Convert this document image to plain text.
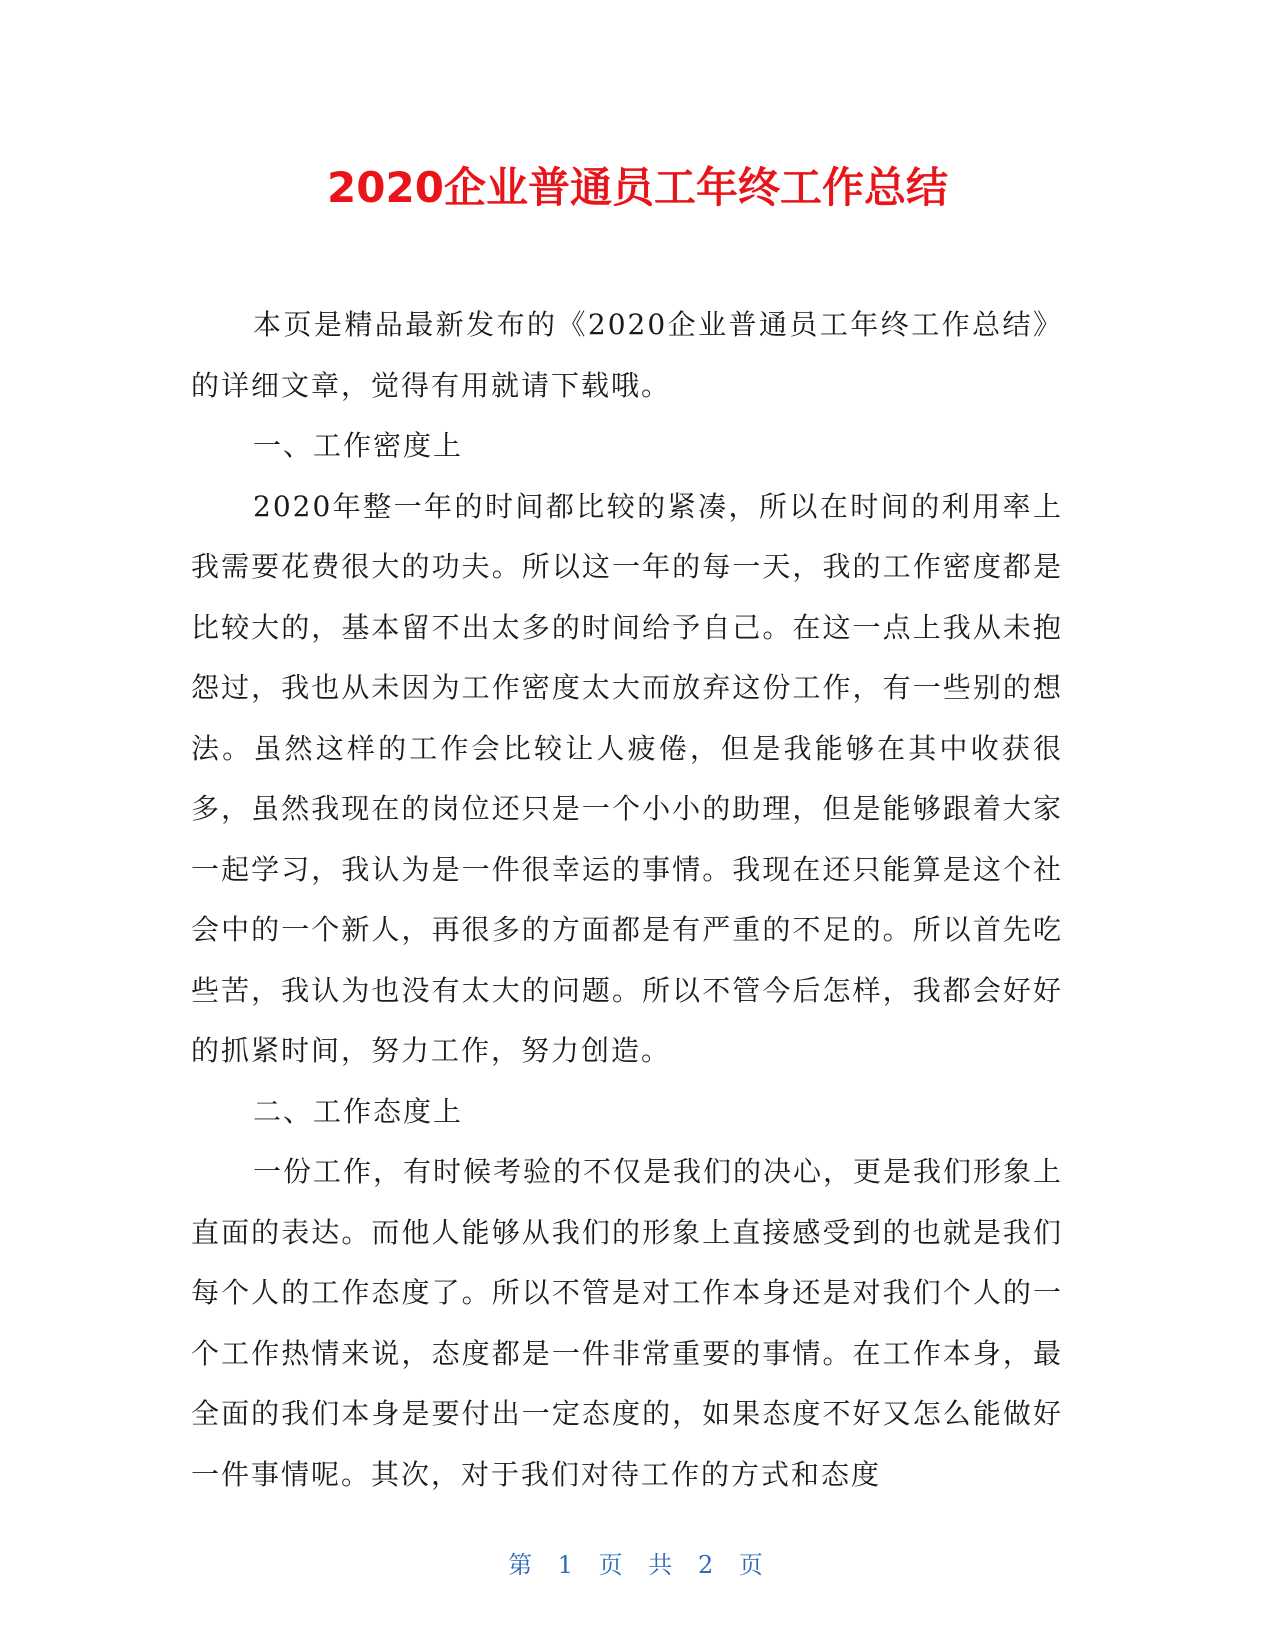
2020企业普通员工年终工作总结

本页是精品最新发布的《2020企业普通员工年终工作总结》的详细文章，觉得有用就请下载哦。

一、工作密度上

2020年整一年的时间都比较的紧凑，所以在时间的利用率上我需要花费很大的功夫。所以这一年的每一天，我的工作密度都是比较大的，基本留不出太多的时间给予自己。在这一点上我从未抱怨过，我也从未因为工作密度太大而放弃这份工作，有一些别的想法。虽然这样的工作会比较让人疲倦，但是我能够在其中收获很多，虽然我现在的岗位还只是一个小小的助理，但是能够跟着大家一起学习，我认为是一件很幸运的事情。我现在还只能算是这个社会中的一个新人，再很多的方面都是有严重的不足的。所以首先吃些苦，我认为也没有太大的问题。所以不管今后怎样，我都会好好的抓紧时间，努力工作，努力创造。

二、工作态度上

一份工作，有时候考验的不仅是我们的决心，更是我们形象上直面的表达。而他人能够从我们的形象上直接感受到的也就是我们每个人的工作态度了。所以不管是对工作本身还是对我们个人的一个工作热情来说，态度都是一件非常重要的事情。在工作本身，最全面的我们本身是要付出一定态度的，如果态度不好又怎么能做好一件事情呢。其次，对于我们对待工作的方式和态度

第 1 页 共 2 页
